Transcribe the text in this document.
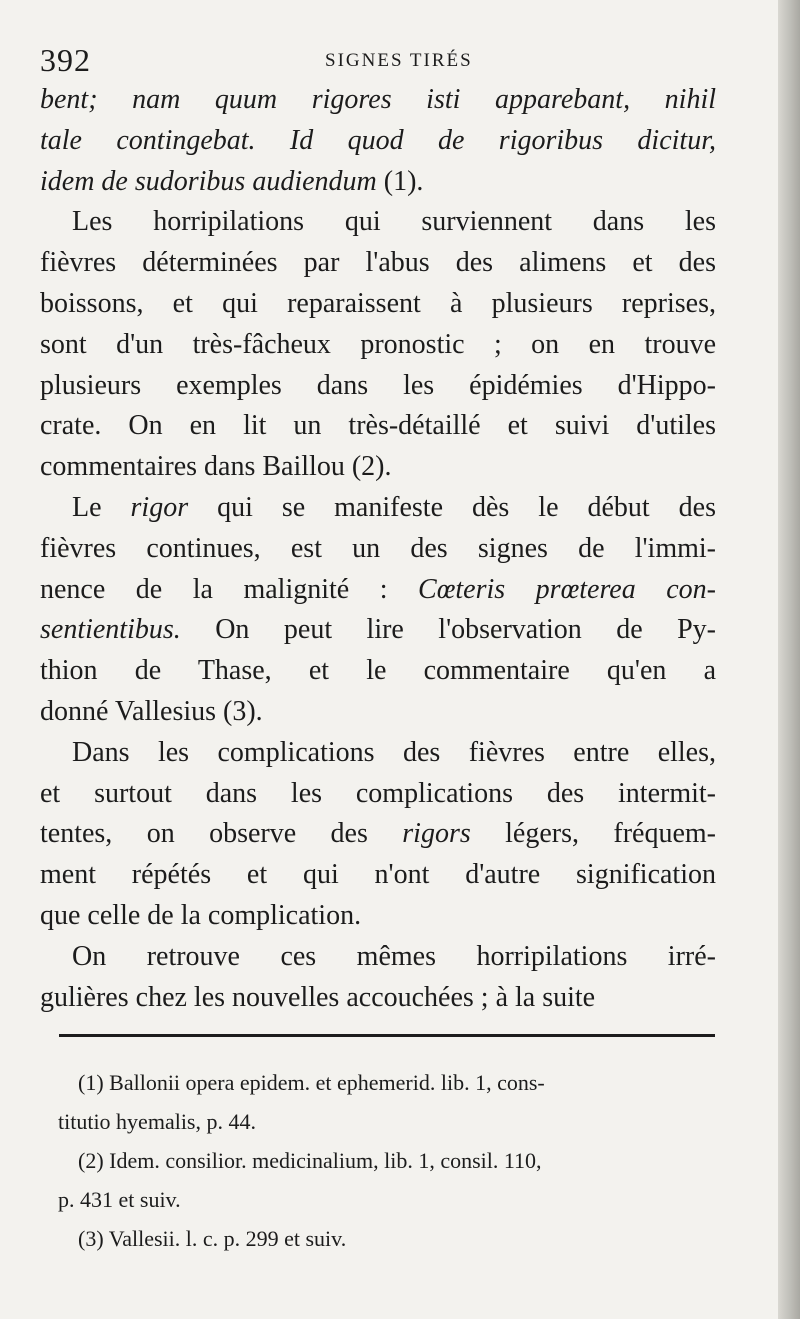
392	SIGNES TIRÉS
bent; nam quum rigores isti apparebant, nihil
tale contingebat. Id quod de rigoribus dicitur,
idem de sudoribus audiendum (1).
Les horripilations qui surviennent dans les
fièvres déterminées par l'abus des alimens et des
boissons, et qui reparaissent à plusieurs reprises,
sont d'un très-fâcheux pronostic ; on en trouve
plusieurs exemples dans les épidémies d'Hippo-
crate. On en lit un très-détaillé et suivi d'utiles
commentaires dans Baillou (2).
Le rigor qui se manifeste dès le début des
fièvres continues, est un des signes de l'immi-
nence de la malignité : Cœteris prœterea con-
sentientibus. On peut lire l'observation de Py-
thion de Thase, et le commentaire qu'en a
donné Vallesius (3).
Dans les complications des fièvres entre elles,
et surtout dans les complications des intermit-
tentes, on observe des rigors légers, fréquem-
ment répétés et qui n'ont d'autre signification
que celle de la complication.
On retrouve ces mêmes horripilations irré-
gulières chez les nouvelles accouchées ; à la suite
(1) Ballonii opera epidem. et ephemerid. lib. 1, cons-
titutio hyemalis, p. 44.
(2) Idem. consilior. medicinalium, lib. 1, consil. 110,
p. 431 et suiv.
(3) Vallesii. l. c. p. 299 et suiv.
